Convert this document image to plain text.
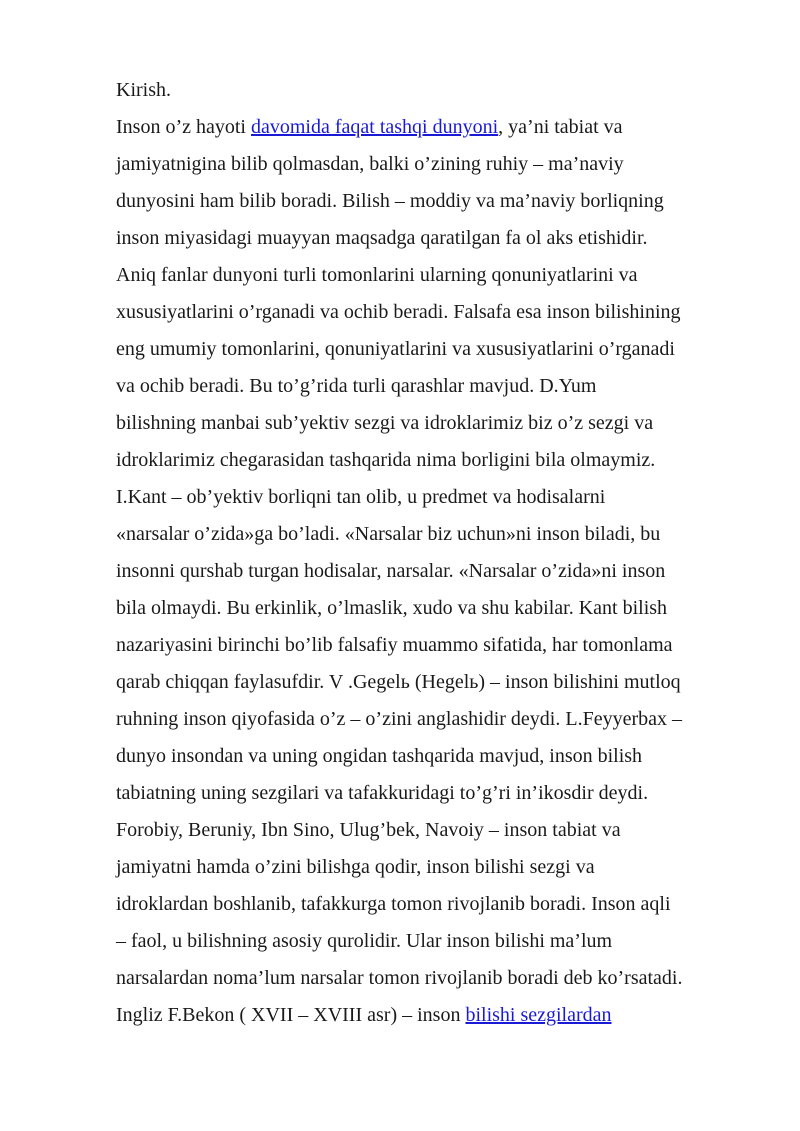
Kirish.
Inson o’z hayoti davomida faqat tashqi dunyoni, ya’ni tabiat va
jamiyatnigina bilib qolmasdan, balki o’zining ruhiy – ma’naviy
dunyosini ham bilib boradi. Bilish – moddiy va ma’naviy borliqning
inson miyasidagi muayyan maqsadga qaratilgan fa ol aks etishidir.
Aniq fanlar dunyoni turli tomonlarini ularning qonuniyatlarini va
xususiyatlarini o’rganadi va ochib beradi. Falsafa esa inson bilishining
eng umumiy tomonlarini, qonuniyatlarini va xususiyatlarini o’rganadi
va ochib beradi. Bu to’g’rida turli qarashlar mavjud. D.Yum
bilishning manbai sub’yektiv sezgi va idroklarimiz biz o’z sezgi va
idroklarimiz chegarasidan tashqarida nima borligini bila olmaymiz.
I.Kant – ob’yektiv borliqni tan olib, u predmet va hodisalarni
«narsalar o’zida»ga bo’ladi. «Narsalar biz uchun»ni inson biladi, bu
insonni qurshab turgan hodisalar, narsalar. «Narsalar o’zida»ni inson
bila olmaydi. Bu erkinlik, o’lmaslik, xudo va shu kabilar. Kant bilish
nazariyasini birinchi bo’lib falsafiy muammo sifatida, har tomonlama
qarab chiqqan faylasufdir. V .Gegelь (Hegelь) – inson bilishini mutloq
ruhning inson qiyofasida o’z – o’zini anglashidir deydi. L.Feyyerbax –
dunyo insondan va uning ongidan tashqarida mavjud, inson bilish
tabiatning uning sezgilari va tafakkuridagi to’g’ri in’ikosdir deydi.
Forobiy, Beruniy, Ibn Sino, Ulug’bek, Navoiy – inson tabiat va
jamiyatni hamda o’zini bilishga qodir, inson bilishi sezgi va
idroklardan boshlanib, tafakkurga tomon rivojlanib boradi. Inson aqli
– faol, u bilishning asosiy qurolidir. Ular inson bilishi ma’lum
narsalardan noma’lum narsalar tomon rivojlanib boradi deb ko’rsatadi.
Ingliz F.Bekon ( XVII – XVIII asr) – inson bilishi sezgilardan
